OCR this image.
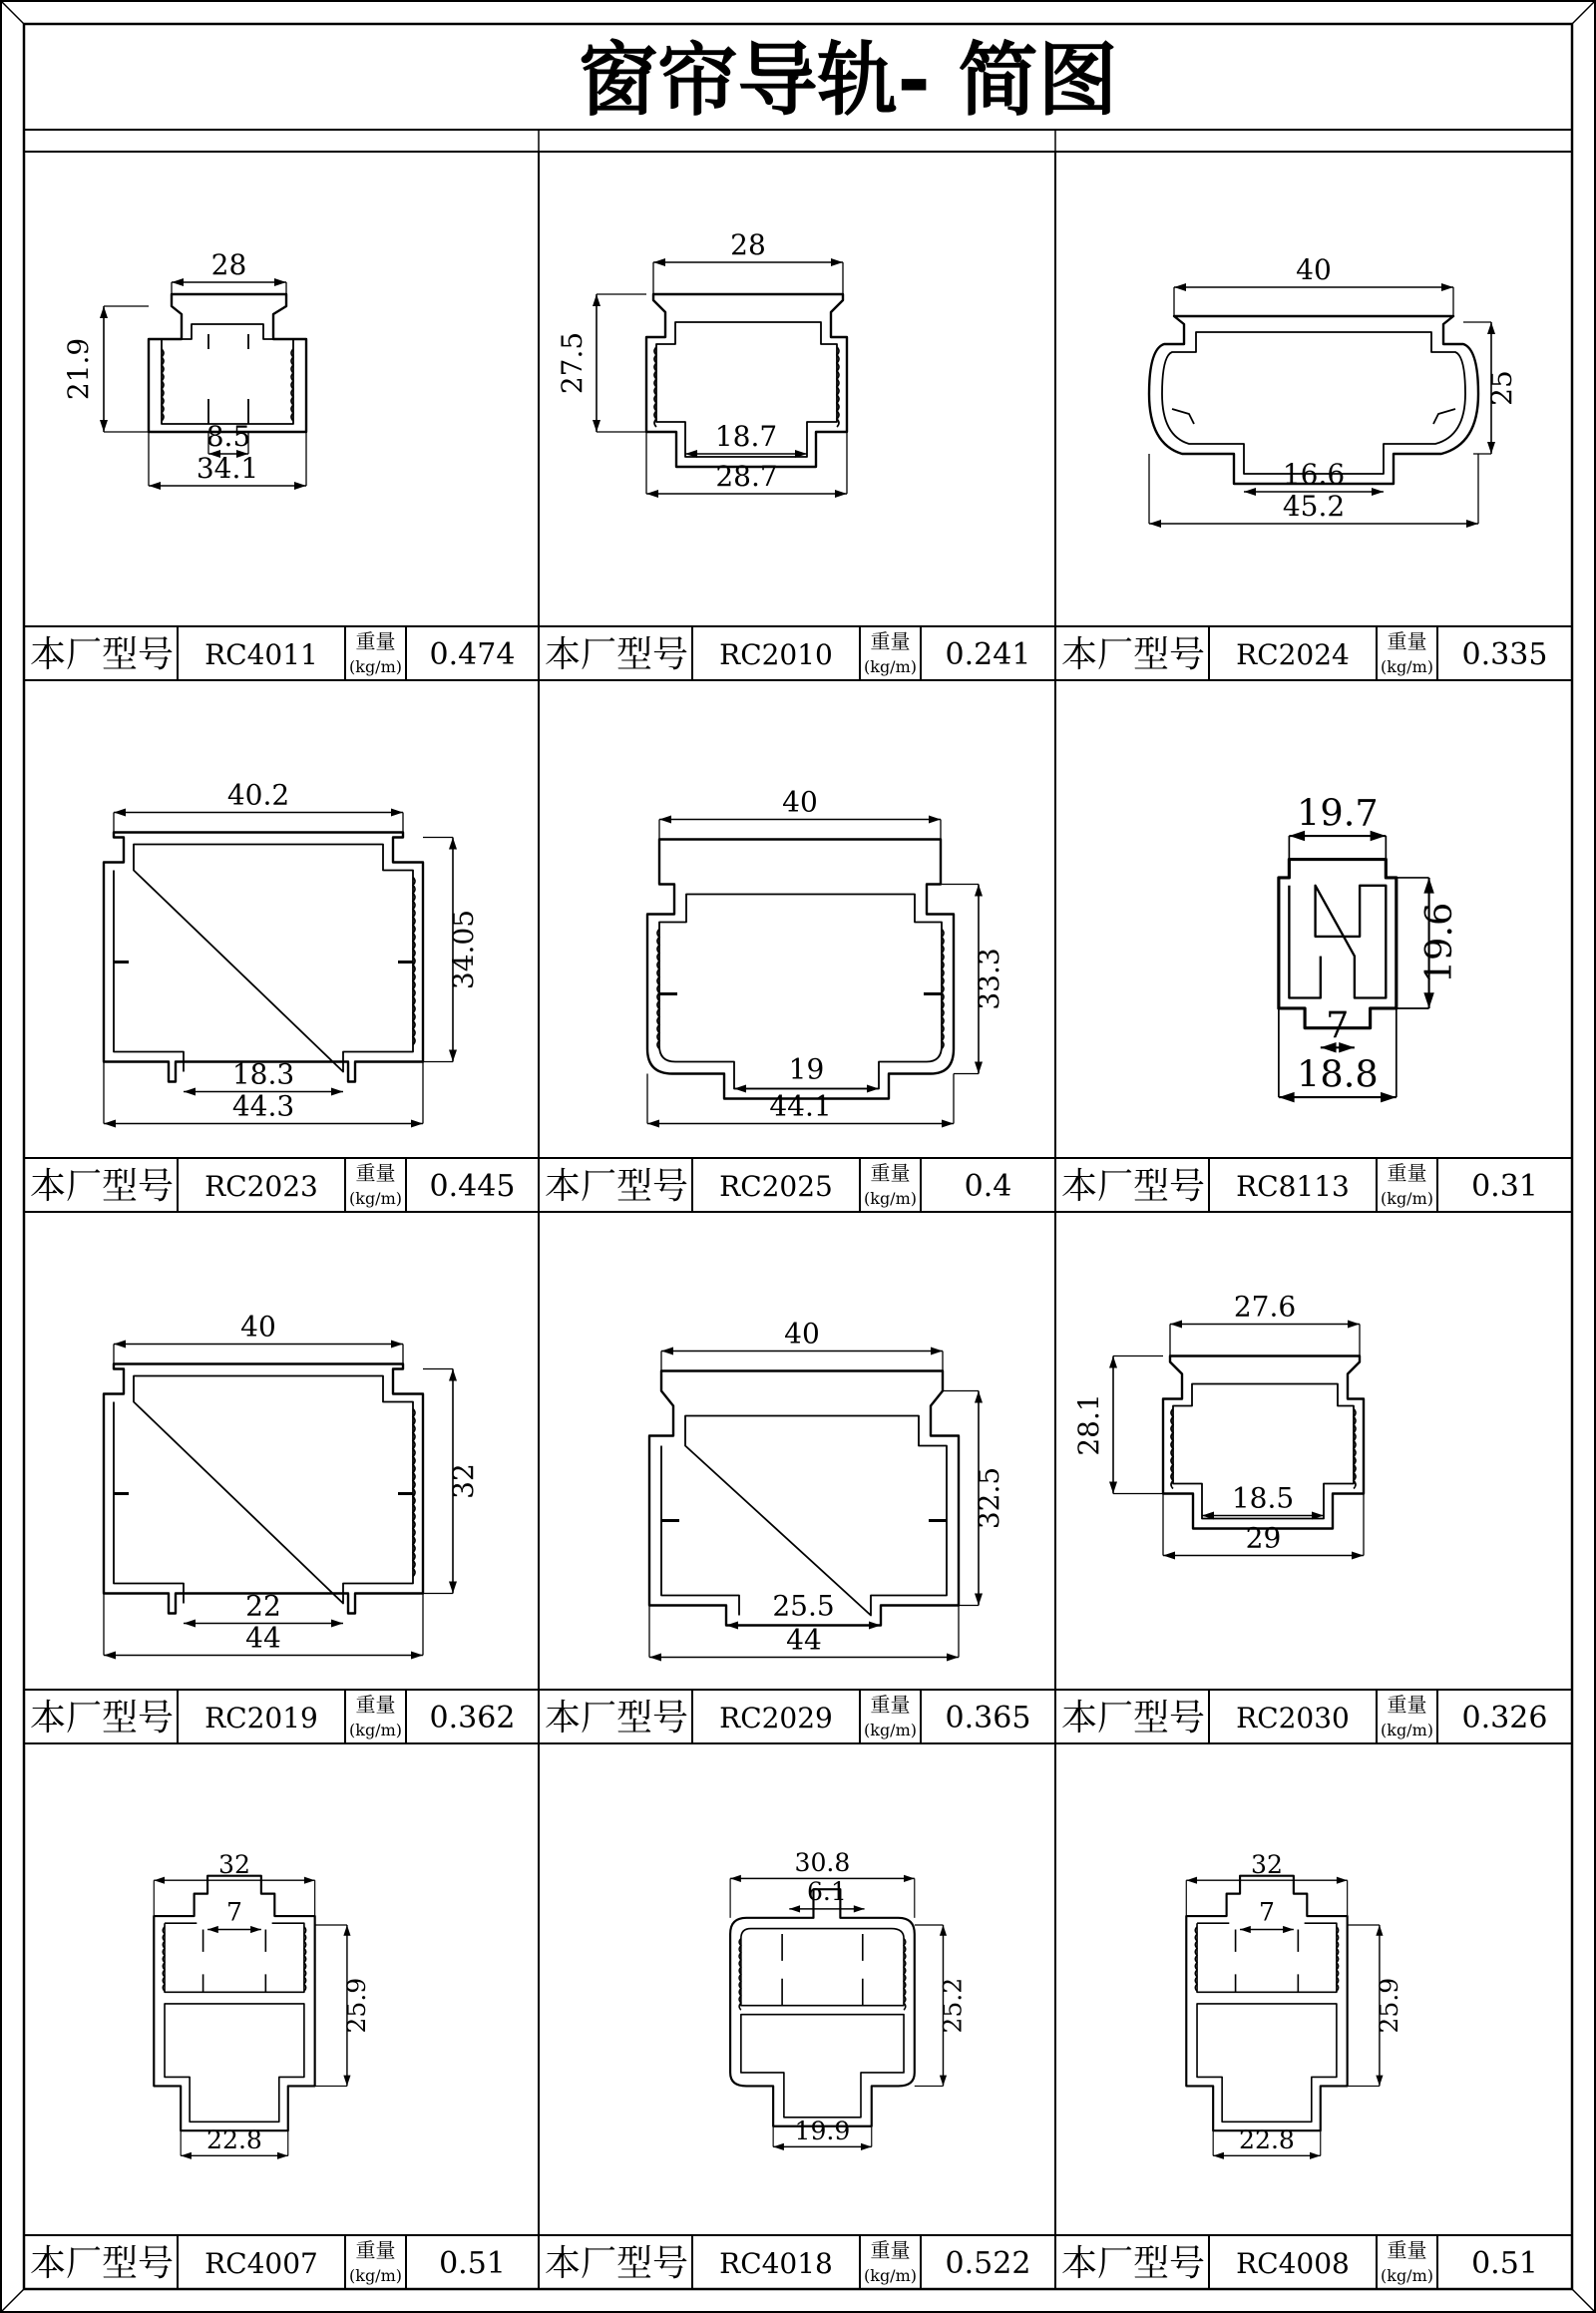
窗帘导轨- 简图
28
21.9
8.5
34.1
本厂型号 RC4011 重量
(kg/m) 0.474
28
27.5
18.7
28.7
本厂型号 RC2010 重量
(kg/m) 0.241
40
25
16.6
45.2
本厂型号 RC2024 重量
(kg/m) 0.335
40.2
34.05
18.3
44.3
本厂型号 RC2023 重量
(kg/m) 0.445
40
33.3
19
44.1
本厂型号 RC2025 重量
(kg/m) 0.4
19.7
19.6
7
18.8
本厂型号 RC8113 重量
(kg/m) 0.31
40
32
22
44
本厂型号 RC2019 重量
(kg/m) 0.362
40
32.5
25.5
44
本厂型号 RC2029 重量
(kg/m) 0.365
27.6
28.1
18.5
29
本厂型号 RC2030 重量
(kg/m) 0.326
32
7
25.9
22.8
本厂型号 RC4007 重量
(kg/m) 0.51
30.8
6.1
25.2
19.9
本厂型号 RC4018 重量
(kg/m) 0.522
32
7
25.9
22.8
本厂型号 RC4008 重量
(kg/m) 0.51
